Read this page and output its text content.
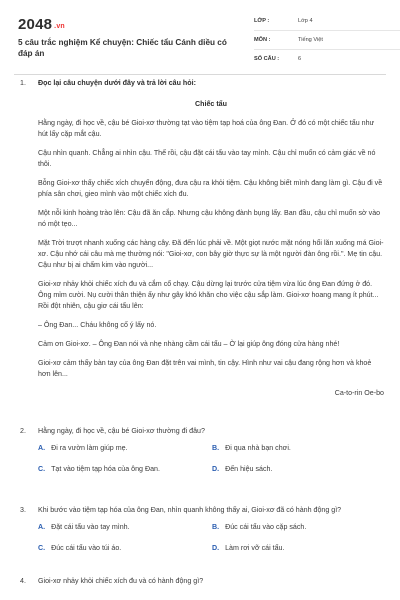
2048 .vn
5 câu trắc nghiệm Kể chuyện: Chiếc tẩu Cánh diều có đáp án
LỚP :	Lớp 4
MÔN :	Tiếng Việt
SỐ CÂU :	6
1. Đọc lại câu chuyện dưới đây và trả lời câu hỏi:
Chiếc tẩu

Hằng ngày, đi học về, cậu bé Gioi-xơ thường tạt vào tiệm tạp hoá của ông Đan. Ở đó có một chiếc tẩu như hút lấy cặp mắt cậu.

Cậu nhìn quanh. Chẳng ai nhìn cậu. Thế rồi, cậu đặt cái tẩu vào tay mình. Cậu chỉ muốn có cảm giác về nó thôi.

Bỗng Gioi-xơ thấy chiếc xích chuyển động, đưa cậu ra khỏi tiệm. Cậu không biết mình đang làm gì. Cậu đi về phía sân chơi, gieo mình vào một chiếc xích đu.

Một nỗi kinh hoàng trào lên: Cậu đã ăn cắp. Nhưng cậu không đành bụng lấy. Ban đầu, cậu chỉ muốn sờ vào nó một tẹo...

Mặt Trời trượt nhanh xuống các hàng cây. Đã đến lúc phải về. Một giọt nước mặt nóng hổi lăn xuống má Gioi-xơ. Cậu nhớ cái câu mà mẹ thường nói: "Gioi-xơ, con bây giờ thực sự là một người đàn ông rồi.". Mẹ tin cậu. Cậu như bị ai chấm kim vào người...

Gioi-xơ nhảy khỏi chiếc xích đu và cắm cổ chạy. Cậu dừng lại trước cửa tiệm vừa lúc ông Đan đứng ở đó. Ông mỉm cười. Nụ cười thân thiện ấy như gây khó khăn cho việc cậu sắp làm. Gioi-xơ hoang mang ít phút... Rồi đột nhiên, cậu giơ cái tẩu lên:

– Ông Đan... Cháu không cố ý lấy nó.

Cảm ơn Gioi-xơ. – Ông Đan nói và nhẹ nhàng cầm cái tẩu – Ờ lại giúp ông đóng cửa hàng nhé!

Gioi-xơ cảm thấy bàn tay của ông Đan đặt trên vai mình, tin cậy. Hình như vai cậu đang rộng hơn và khoẻ hơn lên...

Ca-to-rin Oe-bo
2. Hằng ngày, đi học về, cậu bé Gioi-xơ thường đi đâu?
A. Đi ra vườn làm giúp mẹ.	B. Đi qua nhà bạn chơi.
C. Tạt vào tiệm tạp hóa của ông Đan.	D. Đến hiệu sách.
3. Khi bước vào tiệm tạp hóa của ông Đan, nhìn quanh không thấy ai, Gioi-xơ đã có hành động gì?
A. Đặt cái tẩu vào tay mình.	B. Đúc cái tẩu vào cặp sách.
C. Đúc cái tẩu vào túi áo.	D. Làm rơi vỡ cái tẩu.
4. Gioi-xơ nhảy khỏi chiếc xích đu và có hành động gì?
